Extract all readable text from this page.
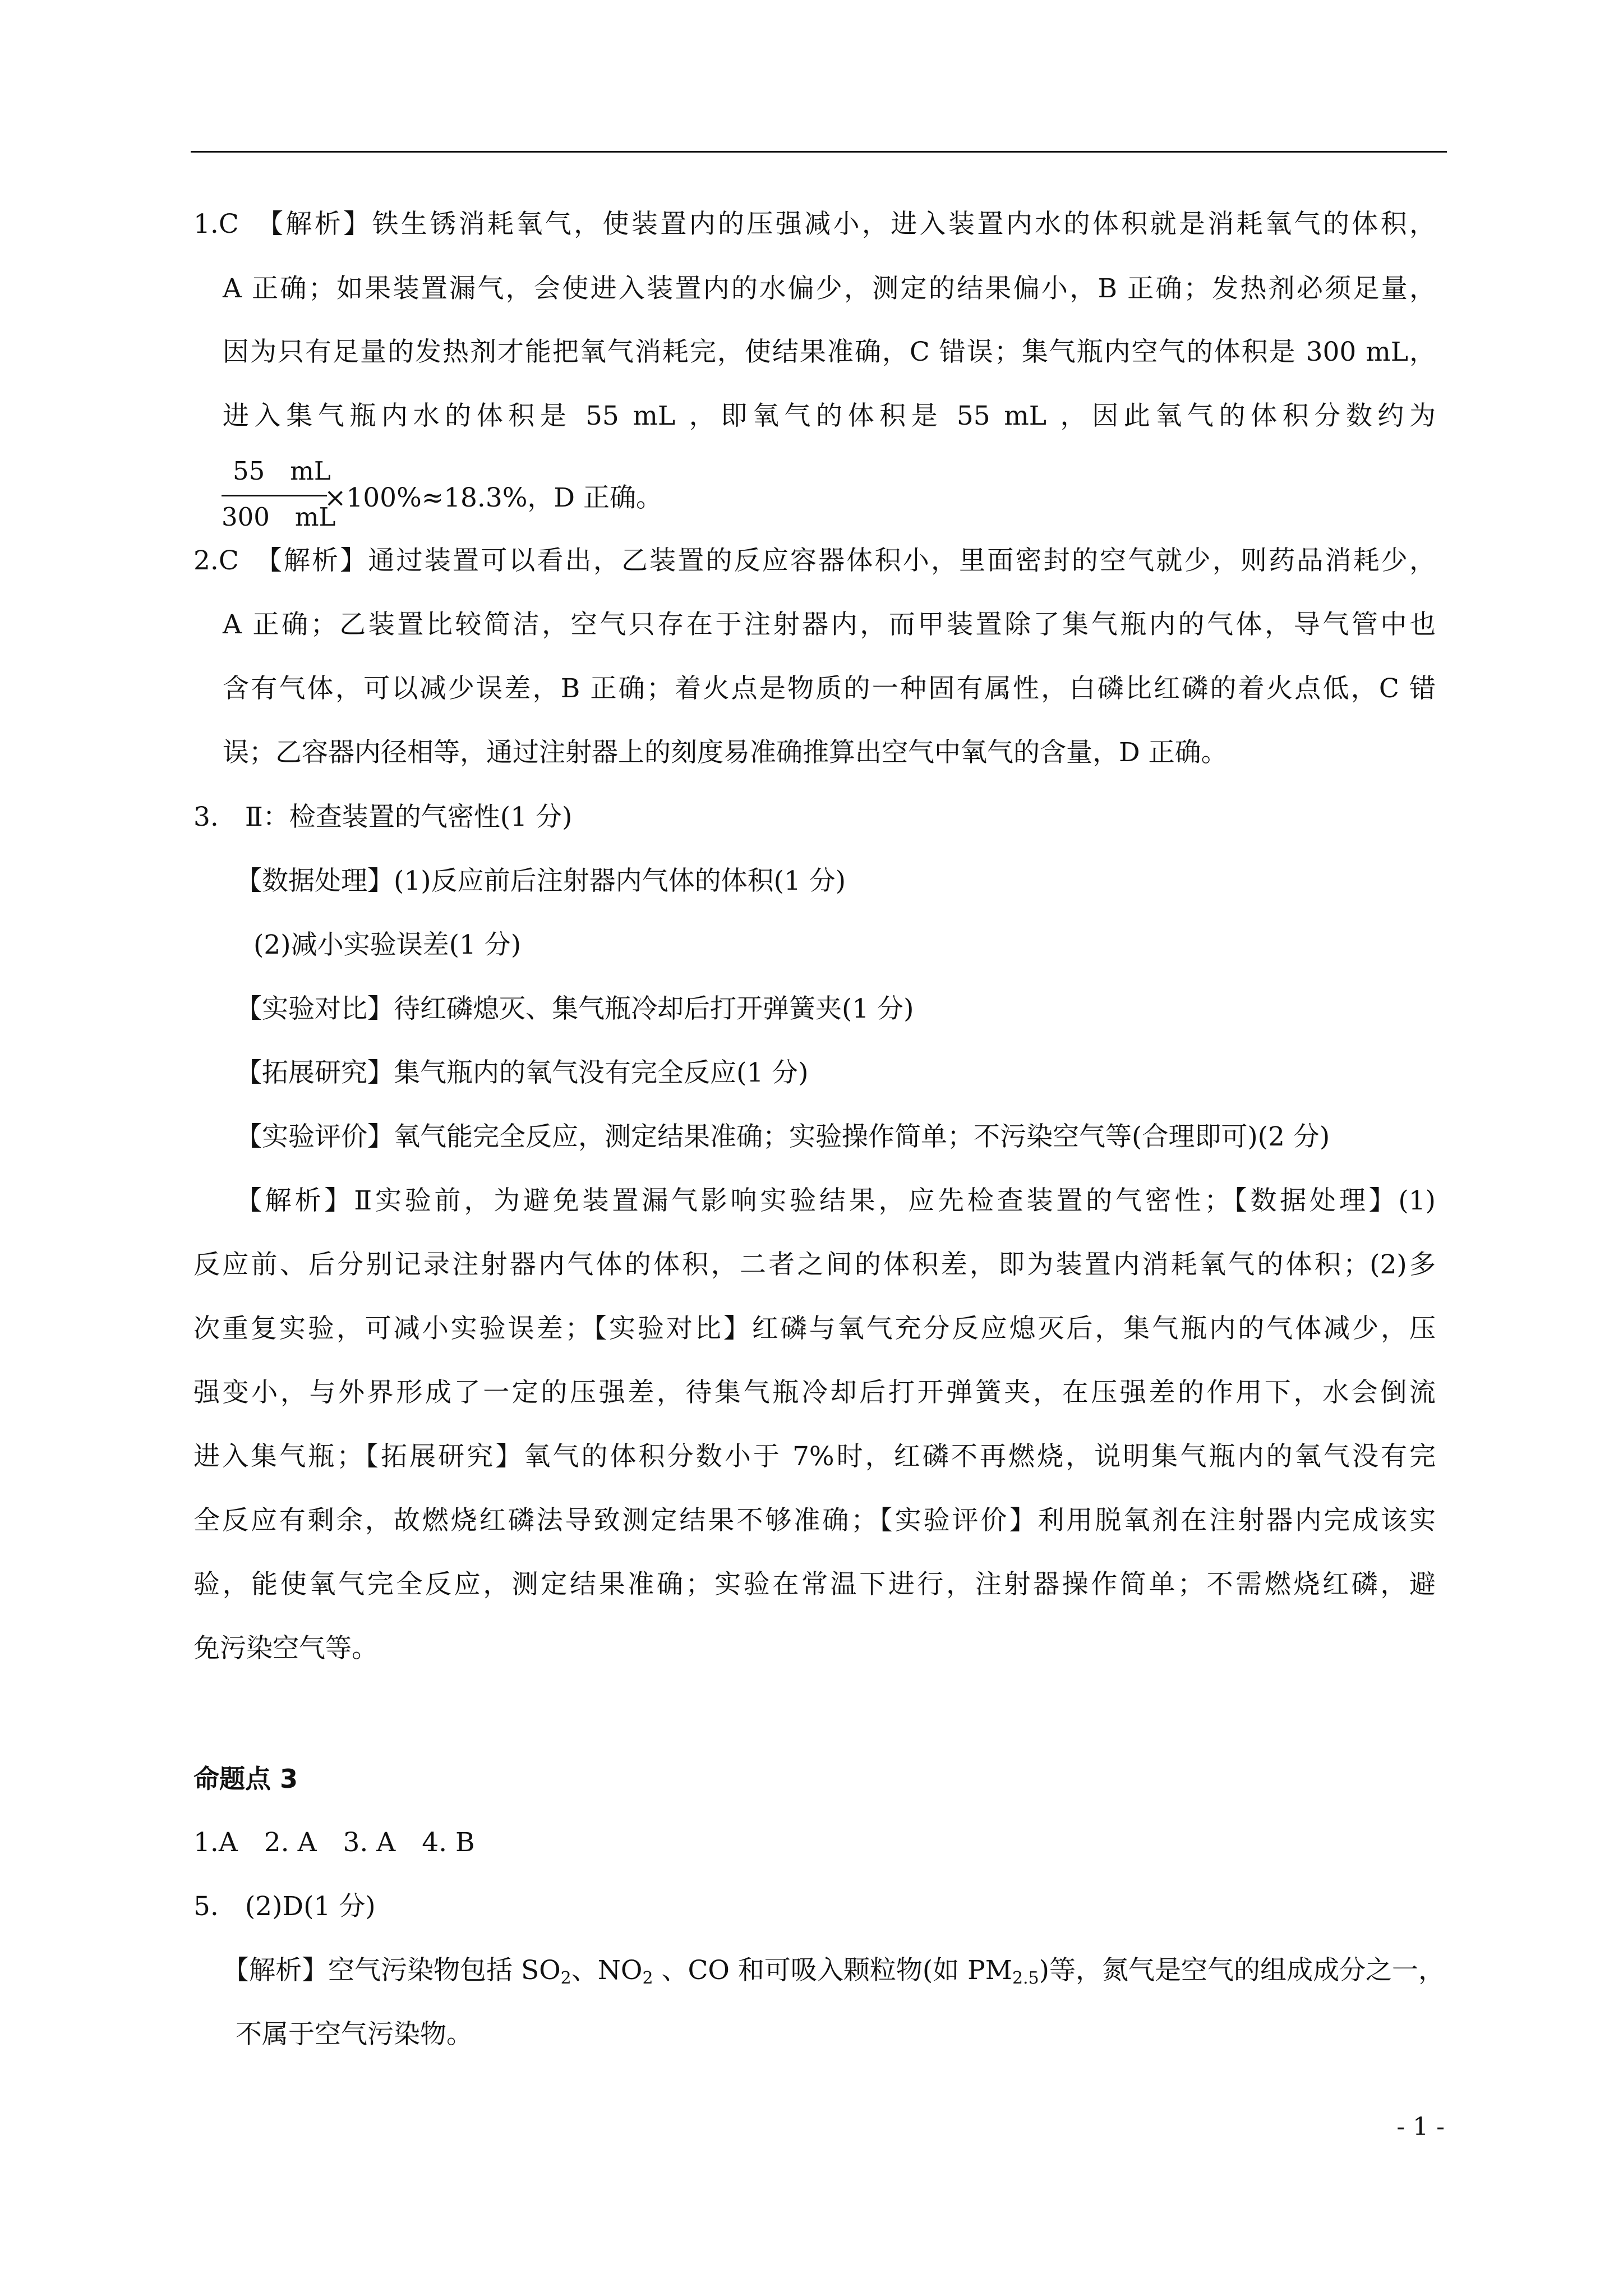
1.C　【解析】铁生锈消耗氧气，使装置内的压强减小，进入装置内水的体积就是消耗氧气的体积，
A 正确；如果装置漏气，会使进入装置内的水偏少，测定的结果偏小，B 正确；发热剂必须足量，
因为只有足量的发热剂才能把氧气消耗完，使结果准确，C 错误；集气瓶内空气的体积是 300 mL，
进入集气瓶内水的体积是 55 mL ，即氧气的体积是 55 mL ，因此氧气的体积分数约为
55　mL
300　mL
×100%≈18.3%，D 正确。
2.C　【解析】通过装置可以看出，乙装置的反应容器体积小，里面密封的空气就少，则药品消耗少，
A 正确；乙装置比较简洁，空气只存在于注射器内，而甲装置除了集气瓶内的气体，导气管中也
含有气体，可以减少误差，B 正确；着火点是物质的一种固有属性，白磷比红磷的着火点低，C 错
误；乙容器内径相等，通过注射器上的刻度易准确推算出空气中氧气的含量，D 正确。
3.　Ⅱ：检查装置的气密性(1 分)
【数据处理】(1)反应前后注射器内气体的体积(1 分)
(2)减小实验误差(1 分)
【实验对比】待红磷熄灭、集气瓶冷却后打开弹簧夹(1 分)
【拓展研究】集气瓶内的氧气没有完全反应(1 分)
【实验评价】氧气能完全反应，测定结果准确；实验操作简单；不污染空气等(合理即可)(2 分)
【解析】Ⅱ实验前，为避免装置漏气影响实验结果，应先检查装置的气密性；【数据处理】(1)
反应前、后分别记录注射器内气体的体积，二者之间的体积差，即为装置内消耗氧气的体积；(2)多
次重复实验，可减小实验误差；【实验对比】红磷与氧气充分反应熄灭后，集气瓶内的气体减少，压
强变小，与外界形成了一定的压强差，待集气瓶冷却后打开弹簧夹，在压强差的作用下，水会倒流
进入集气瓶；【拓展研究】氧气的体积分数小于 7%时，红磷不再燃烧，说明集气瓶内的氧气没有完
全反应有剩余，故燃烧红磷法导致测定结果不够准确；【实验评价】利用脱氧剂在注射器内完成该实
验，能使氧气完全反应，测定结果准确；实验在常温下进行，注射器操作简单；不需燃烧红磷，避
免污染空气等。
命题点 3
1.A　2. A　3. A　4. B
5.　(2)D(1 分)
【解析】空气污染物包括 $SO_2$、$NO_2$ 、CO 和可吸入颗粒物(如 $PM_{2.5}$)等，氮气是空气的组成成分之一，
不属于空气污染物。
- 1 -
